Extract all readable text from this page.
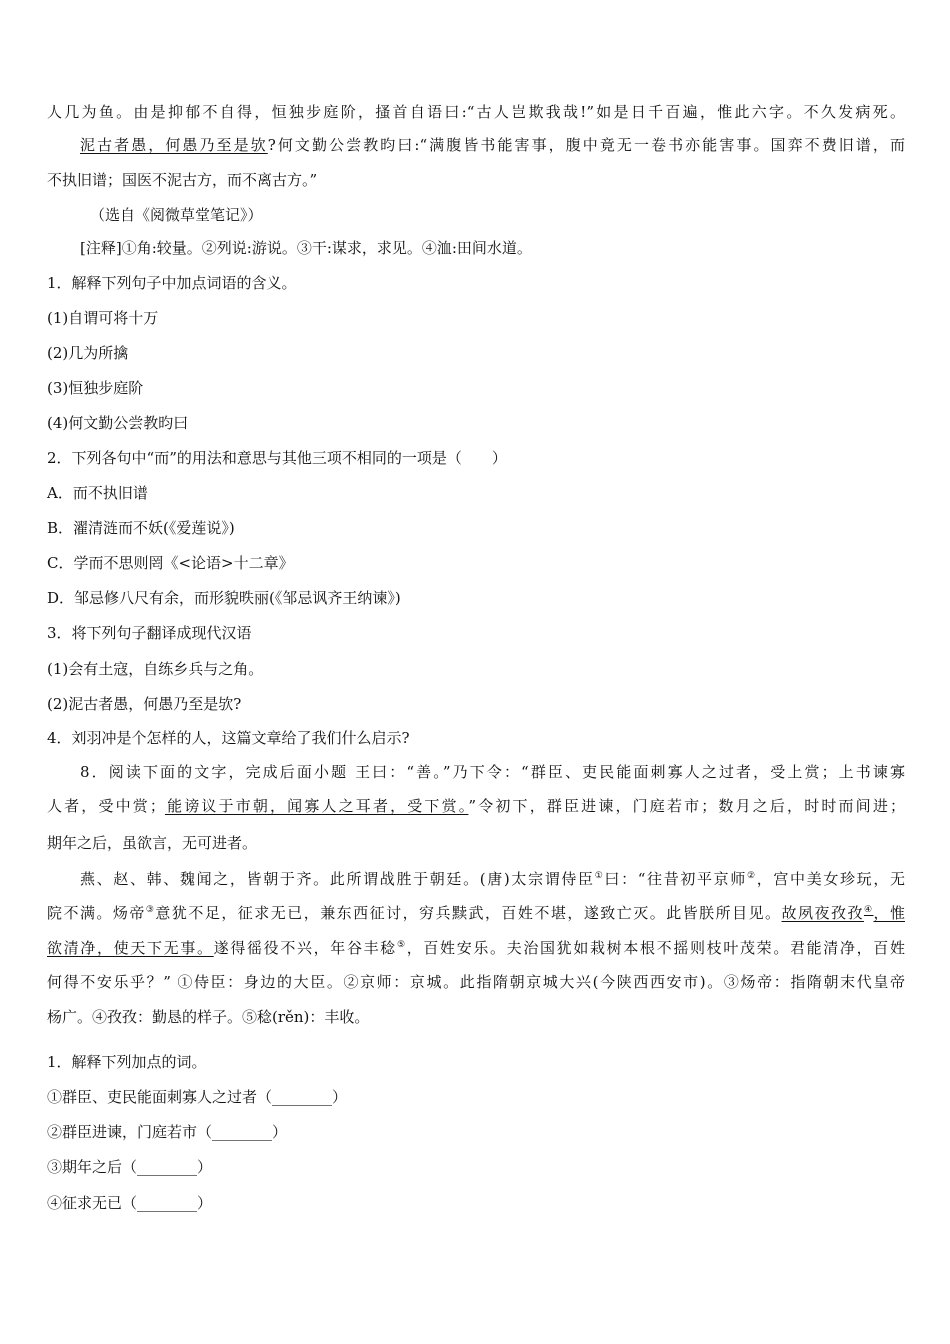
人几为鱼。由是抑郁不自得，恒独步庭阶，搔首自语曰:“古人岂欺我哉!”如是日千百遍，惟此六字。不久发病死。
泥古者愚，何愚乃至是欤?何文勤公尝教昀曰:“满腹皆书能害事，腹中竟无一卷书亦能害事。国弈不费旧谱，而
不执旧谱；国医不泥古方，而不离古方。”
（选自《阅微草堂笔记》）
[注释]①角:较量。②列说:游说。③干:谋求，求见。④洫:田间水道。
1．解释下列句子中加点词语的含义。
(1)自谓可将十万
(2)几为所擒
(3)恒独步庭阶
(4)何文勤公尝教昀曰
2．下列各句中“而”的用法和意思与其他三项不相同的一项是（　　）
A．而不执旧谱
B．濯清涟而不妖(《爱莲说》)
C．学而不思则罔《<论语>十二章》
D．邹忌修八尺有余，而形貌昳丽(《邹忌讽齐王纳谏》)
3．将下列句子翻译成现代汉语
(1)会有土寇，自练乡兵与之角。
(2)泥古者愚，何愚乃至是欤?
4．刘羽冲是个怎样的人，这篇文章给了我们什么启示?
8．阅读下面的文字，完成后面小题 王曰：“善。”乃下令：“群臣、吏民能面刺寡人之过者，受上赏；上书谏寡
人者，受中赏；能谤议于市朝，闻寡人之耳者，受下赏。”令初下，群臣进谏，门庭若市；数月之后，时时而间进；
期年之后，虽欲言，无可进者。
燕、赵、韩、魏闻之，皆朝于齐。此所谓战胜于朝廷。(唐)太宗谓侍臣①曰：“往昔初平京师②，宫中美女珍玩，无
院不满。炀帝③意犹不足，征求无已，兼东西征讨，穷兵黩武，百姓不堪，遂致亡灭。此皆朕所目见。故夙夜孜孜④，惟
欲清净，使天下无事。遂得徭役不兴，年谷丰稔⑤，百姓安乐。夫治国犹如栽树本根不摇则枝叶茂荣。君能清净，百姓
何得不安乐乎？” ①侍臣：身边的大臣。②京师：京城。此指隋朝京城大兴(今陕西西安市)。③炀帝：指隋朝末代皇帝
杨广。④孜孜：勤恳的样子。⑤稔(rěn)：丰收。
1．解释下列加点的词。
①群臣、吏民能面刺寡人之过者（________）
②群臣进谏，门庭若市（________）
③期年之后（________）
④征求无已（________）
